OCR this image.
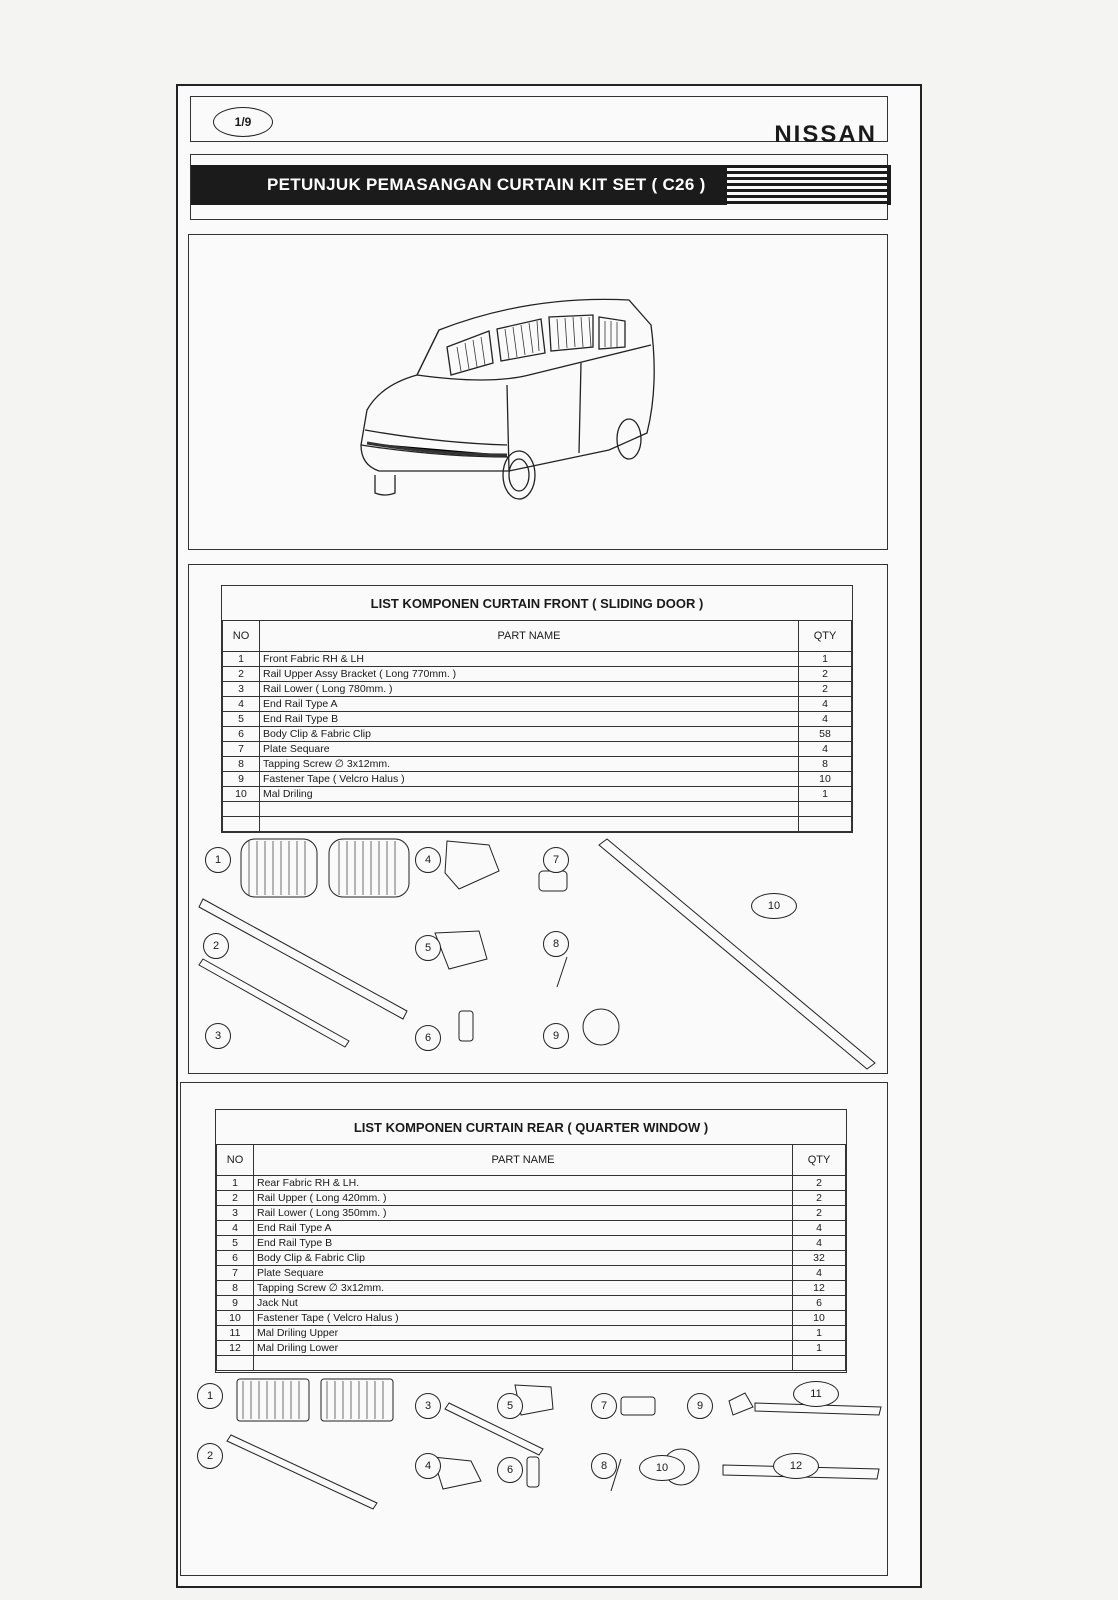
1/9	NISSAN
PETUNJUK PEMASANGAN CURTAIN KIT SET ( C26 )
LIST KOMPONEN CURTAIN FRONT ( SLIDING DOOR )
NO	PART NAME	QTY
1	Front Fabric RH & LH	1
2	Rail Upper Assy Bracket ( Long 770mm. )	2
3	Rail Lower ( Long 780mm. )	2
4	End Rail Type A	4
5	End Rail Type B	4
6	Body Clip & Fabric Clip	58
7	Plate Sequare	4
8	Tapping Screw ∅ 3x12mm.	8
9	Fastener Tape ( Velcro Halus )	10
10	Mal Driling	1

1
2
3
4
5
6
7
8
9
10
LIST KOMPONEN CURTAIN REAR ( QUARTER WINDOW )
NO	PART NAME	QTY
1	Rear Fabric RH & LH.	2
2	Rail Upper ( Long 420mm. )	2
3	Rail Lower ( Long 350mm. )	2
4	End Rail Type A	4
5	End Rail Type B	4
6	Body Clip & Fabric Clip	32
7	Plate Sequare	4
8	Tapping Screw ∅ 3x12mm.	12
9	Jack Nut	6
10	Fastener Tape ( Velcro Halus )	10
11	Mal Driling Upper	1
12	Mal Driling Lower	1

1
2
3
4
5
6
7
8
9
10
11
12
